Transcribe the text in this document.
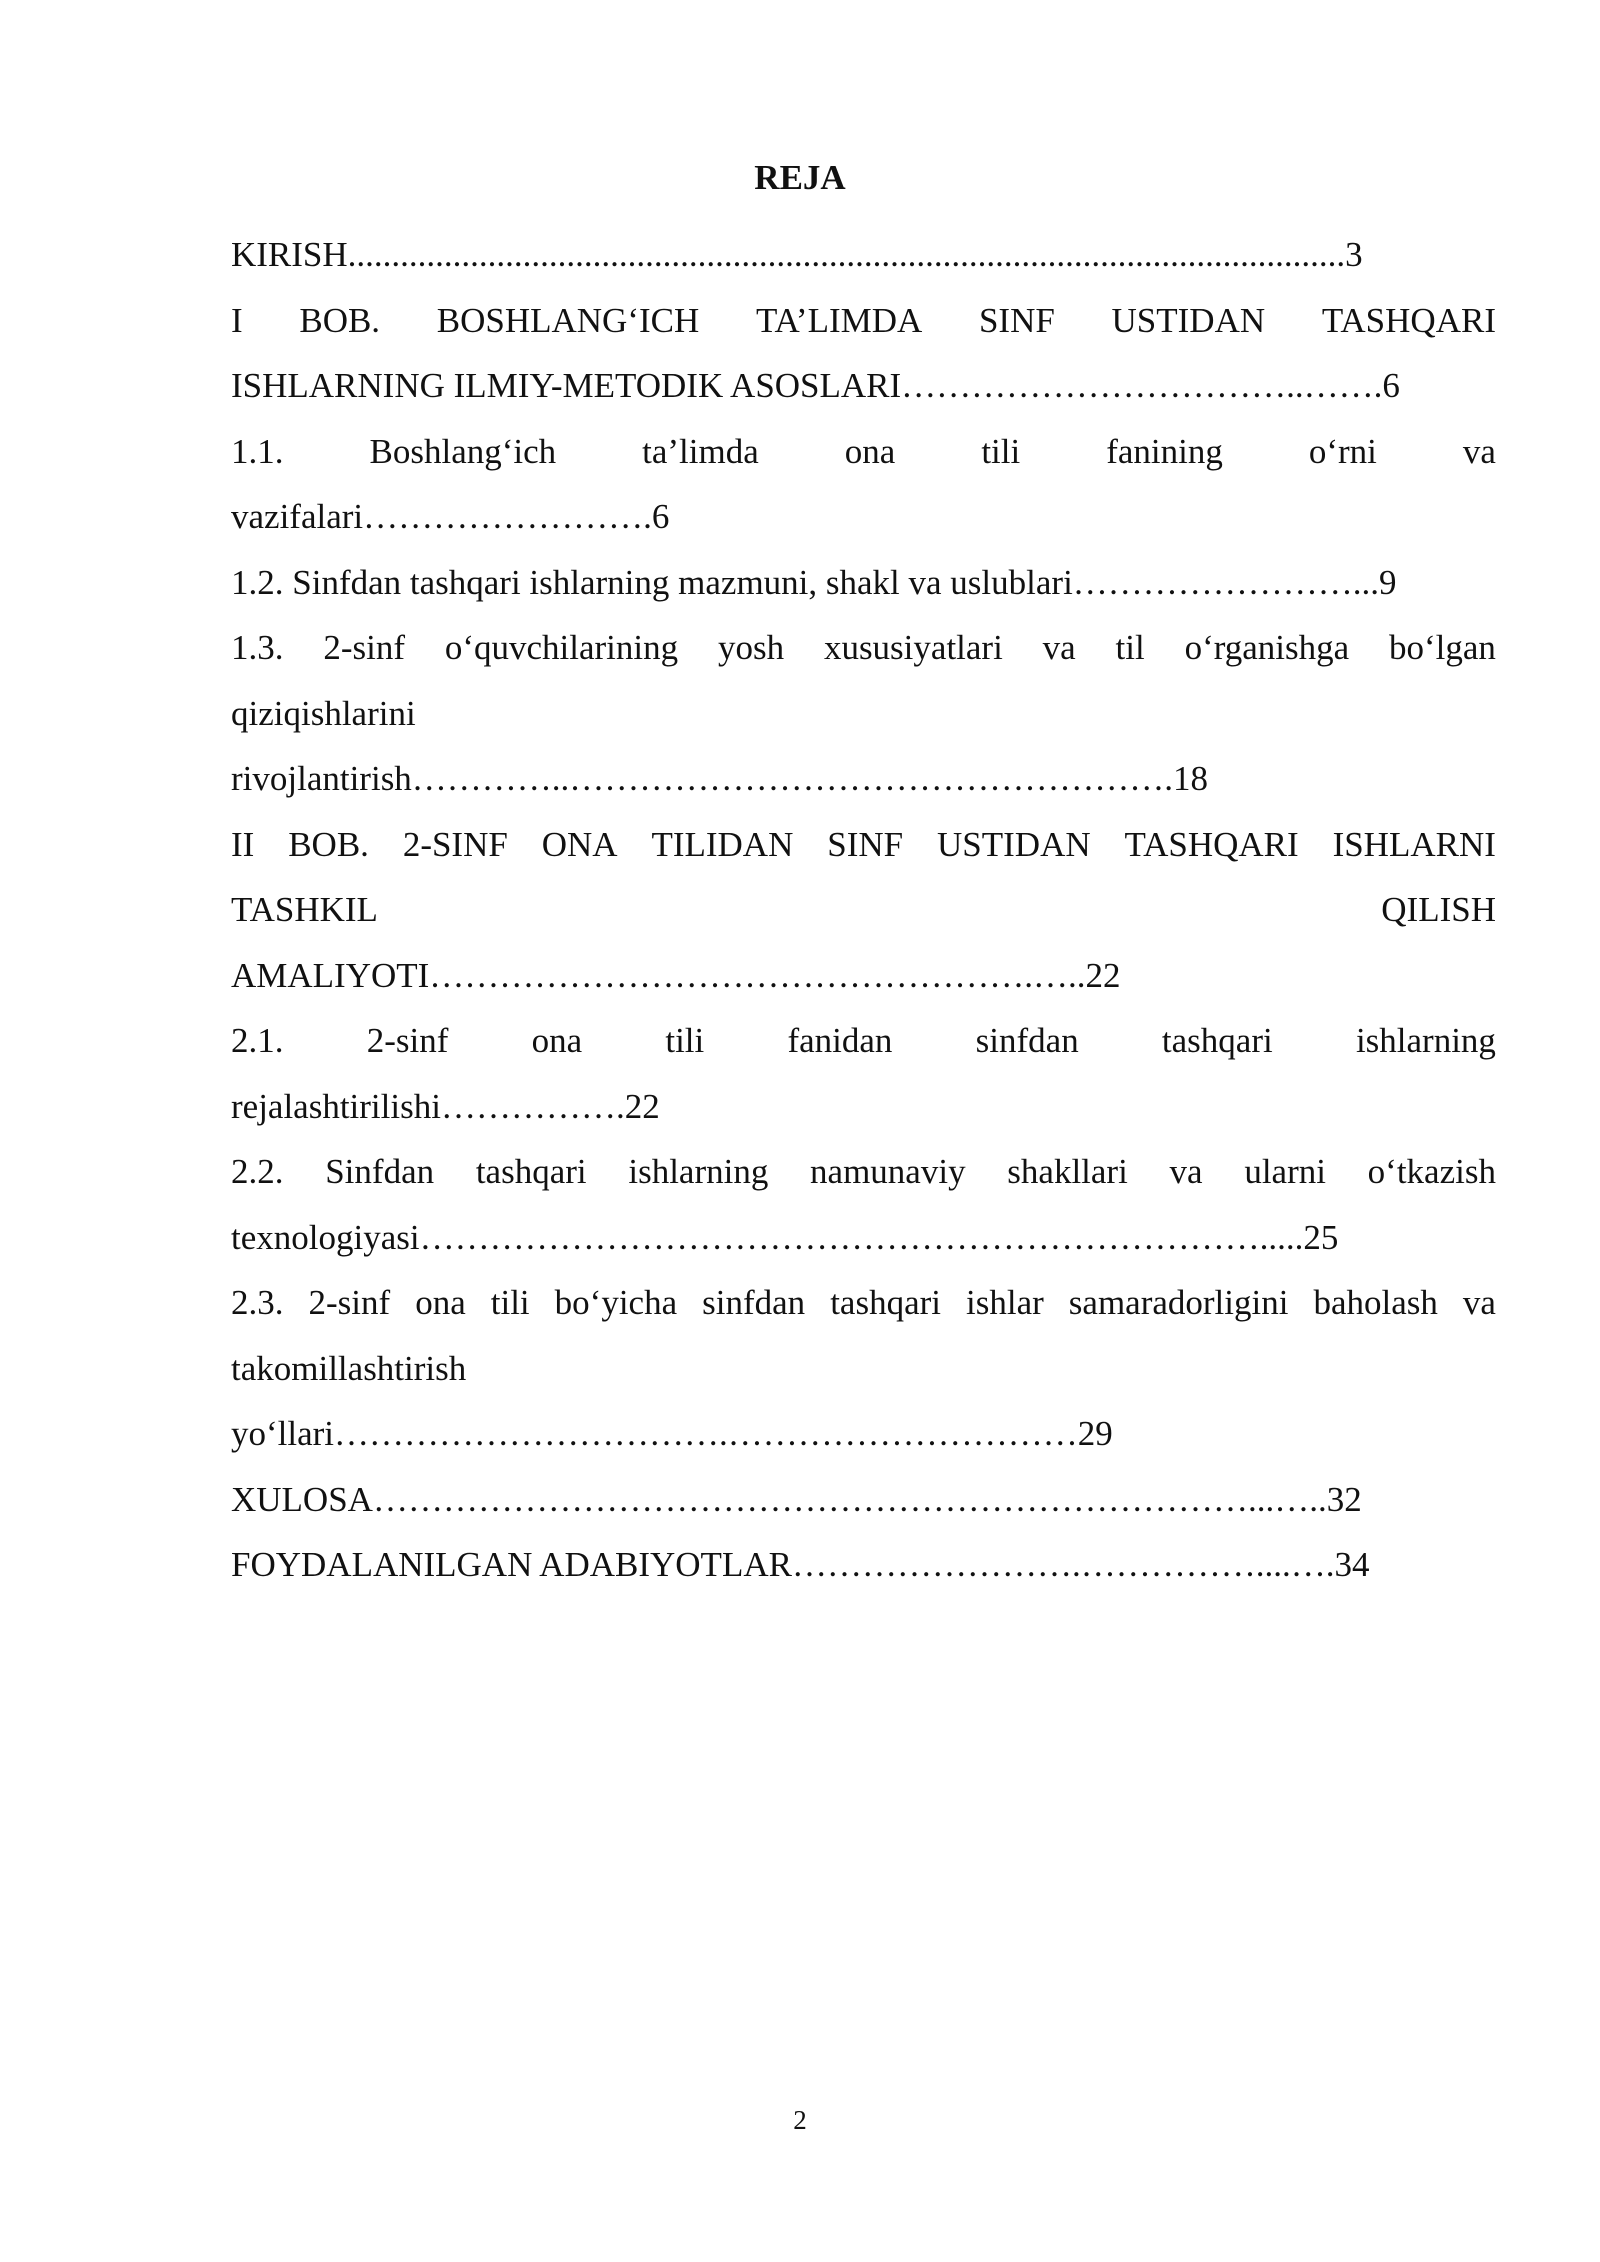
REJA
KIRISH..................................................................................................................3
I BOB. BOSHLANG‘ICH TA’LIMDA SINF USTIDAN TASHQARI
ISHLARNING ILMIY-METODIK ASOSLARI……………………………..…….6
1.1. Boshlang‘ich ta’limda ona tili fanining o‘rni va
vazifalari…………………….6
1.2. Sinfdan tashqari ishlarning mazmuni, shakl va uslublari……………………...9
1.3. 2-sinf o‘quvchilarining yosh xususiyatlari va til o‘rganishga bo‘lgan
qiziqishlarini
rivojlantirish…………..…………………………………………….18
II BOB. 2-SINF ONA TILIDAN SINF USTIDAN TASHQARI ISHLARNI
TASHKIL	QILISH
AMALIYOTI…………………………………………….…..22
2.1. 2-sinf ona tili fanidan sinfdan tashqari ishlarning
rejalashtirilishi…………….22
2.2. Sinfdan tashqari ishlarning namunaviy shakllari va ularni o‘tkazish
texnologiyasi……………………………………………………………….....25
2.3. 2-sinf ona tili bo‘yicha sinfdan tashqari ishlar samaradorligini baholash va
takomillashtirish
yo‘llari…………………………….…………………………29
XULOSA…………………………………………………………………...…..32
FOYDALANILGAN ADABIYOTLAR…………………….……………....….34
2
